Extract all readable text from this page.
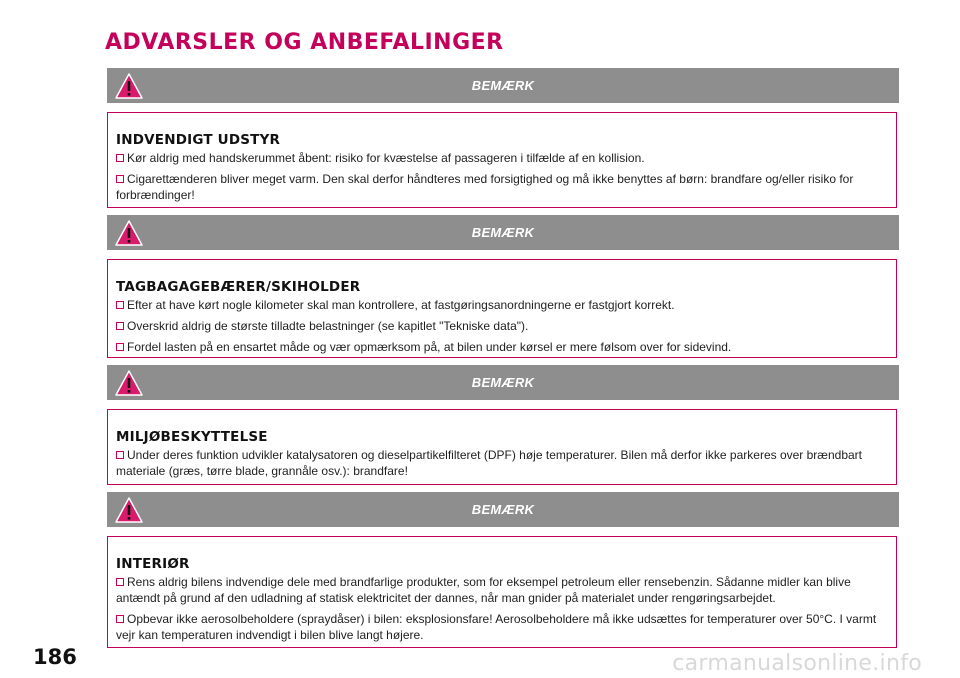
ADVARSLER OG ANBEFALINGER
BEMÆRK
INDVENDIGT UDSTYR

Kør aldrig med handskerummet åbent: risiko for kvæstelse af passageren i tilfælde af en kollision.

Cigarettænderen bliver meget varm. Den skal derfor håndteres med forsigtighed og må ikke benyttes af børn: brandfare og/eller risiko for forbrændinger!

BEMÆRK
TAGBAGAGEBÆRER/SKIHOLDER

Efter at have kørt nogle kilometer skal man kontrollere, at fastgøringsanordningerne er fastgjort korrekt.

Overskrid aldrig de største tilladte belastninger (se kapitlet "Tekniske data").

Fordel lasten på en ensartet måde og vær opmærksom på, at bilen under kørsel er mere følsom over for sidevind.

BEMÆRK
MILJØBESKYTTELSE

Under deres funktion udvikler katalysatoren og dieselpartikelfilteret (DPF) høje temperaturer. Bilen må derfor ikke parkeres over brændbart materiale (græs, tørre blade, grannåle osv.): brandfare!

BEMÆRK
INTERIØR

Rens aldrig bilens indvendige dele med brandfarlige produkter, som for eksempel petroleum eller rensebenzin. Sådanne midler kan blive antændt på grund af den udladning af statisk elektricitet der dannes, når man gnider på materialet under rengøringsarbejdet.

Opbevar ikke aerosolbeholdere (spraydåser) i bilen: eksplosionsfare! Aerosolbeholdere må ikke udsættes for temperaturer over 50°C. I varmt vejr kan temperaturen indvendigt i bilen blive langt højere.

186	carmanualsonline.info
